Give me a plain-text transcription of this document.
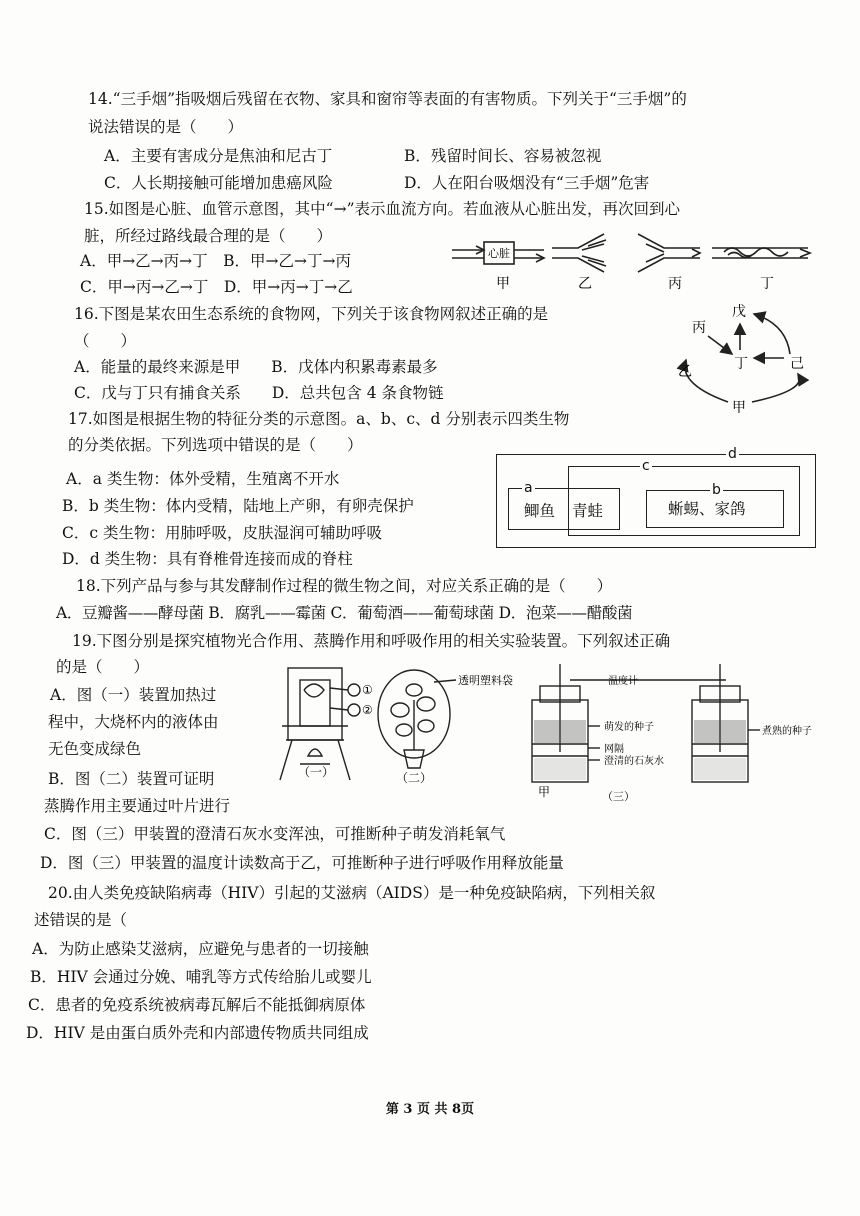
14.“三手烟”指吸烟后残留在衣物、家具和窗帘等表面的有害物质。下列关于“三手烟”的
说法错误的是（　　）
A．主要有害成分是焦油和尼古丁	B．残留时间长、容易被忽视
C．人长期接触可能增加患癌风险	D．人在阳台吸烟没有“三手烟”危害
15.如图是心脏、血管示意图，其中“→”表示血流方向。若血液从心脏出发，再次回到心
脏，所经过路线最合理的是（　　）
A．甲→乙→丙→丁　B．甲→乙→丁→丙
C．甲→丙→乙→丁　D．甲→丙→丁→乙
心脏
甲	乙	丙	丁
16.下图是某农田生态系统的食物网，下列关于该食物网叙述正确的是
（　　）
A．能量的最终来源是甲　　B．戊体内积累毒素最多
C．戊与丁只有捕食关系　　D．总共包含 4 条食物链
戊
丙
乙	丁	己
甲
17.如图是根据生物的特征分类的示意图。a、b、c、d 分别表示四类生物
的分类依据。下列选项中错误的是（　　）
A．a 类生物：体外受精，生殖离不开水
B．b 类生物：体内受精，陆地上产卵，有卵壳保护
C．c 类生物：用肺呼吸，皮肤湿润可辅助呼吸
D．d 类生物：具有脊椎骨连接而成的脊柱
d
c
a	b
鲫鱼 青蛙	蜥蜴、家鸽
18.下列产品与参与其发酵制作过程的微生物之间，对应关系正确的是（　　）
A．豆瓣酱——酵母菌 B．腐乳——霉菌 C．葡萄酒——葡萄球菌 D．泡菜——醋酸菌
19.下图分别是探究植物光合作用、蒸腾作用和呼吸作用的相关实验装置。下列叙述正确
的是（　　）
A．图（一）装置加热过
程中，大烧杯内的液体由
无色变成绿色
B．图（二）装置可证明
蒸腾作用主要通过叶片进行
C．图（三）甲装置的澄清石灰水变浑浊，可推断种子萌发消耗氧气
D．图（三）甲装置的温度计读数高于乙，可推断种子进行呼吸作用释放能量
①
②
（一）
透明塑料袋
（二）
温度计
萌发的种子
网隔
澄清的石灰水
煮熟的种子
甲	（三）
20.由人类免疫缺陷病毒（HIV）引起的艾滋病（AIDS）是一种免疫缺陷病，下列相关叙
述错误的是（
A．为防止感染艾滋病，应避免与患者的一切接触
B．HIV 会通过分娩、哺乳等方式传给胎儿或婴儿
C．患者的免疫系统被病毒瓦解后不能抵御病原体
D．HIV 是由蛋白质外壳和内部遗传物质共同组成
第 3 页 共 8页
